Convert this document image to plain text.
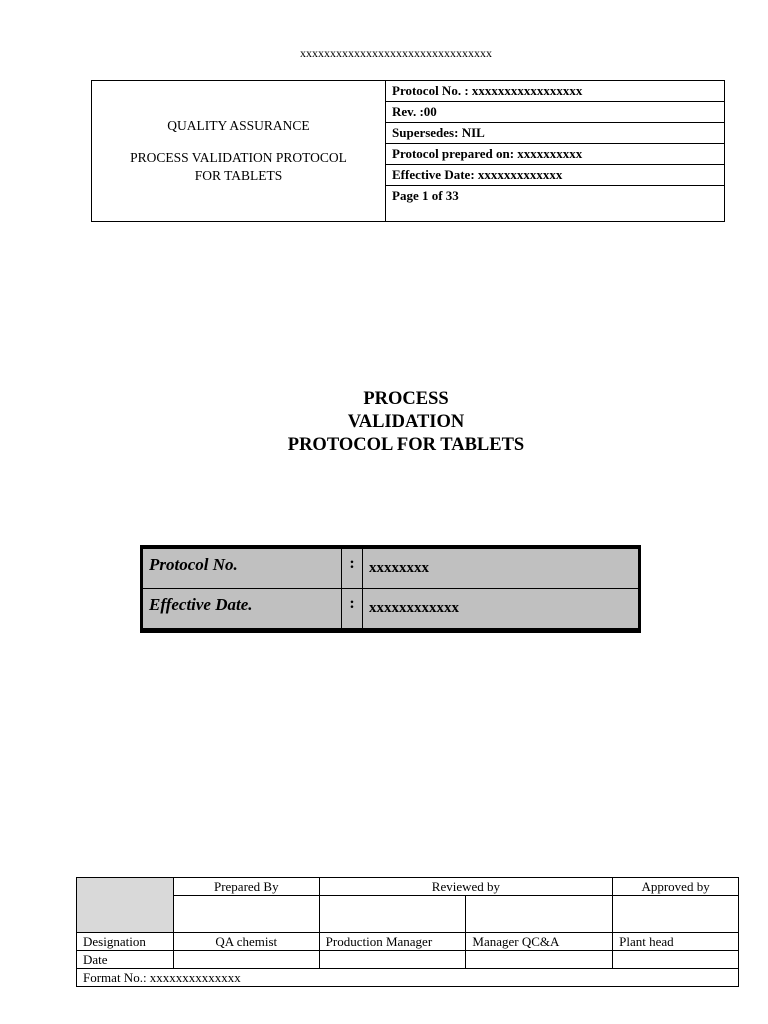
xxxxxxxxxxxxxxxxxxxxxxxxxxxxxxxx
QUALITY ASSURANCE
PROCESS VALIDATION PROTOCOL
FOR TABLETS
	Protocol No. : xxxxxxxxxxxxxxxxx
Rev. :00
Supersedes: NIL
Protocol prepared on: xxxxxxxxxx
Effective Date: xxxxxxxxxxxxx
Page 1 of 33
PROCESS
VALIDATION
PROTOCOL FOR TABLETS
Protocol No.	:	xxxxxxxx
Effective Date.	:	xxxxxxxxxxxx
	Prepared By	Reviewed by		Approved by

Designation	QA chemist	Production Manager	Manager QC&A	Plant head
Date				
Format No.: xxxxxxxxxxxxxx				
